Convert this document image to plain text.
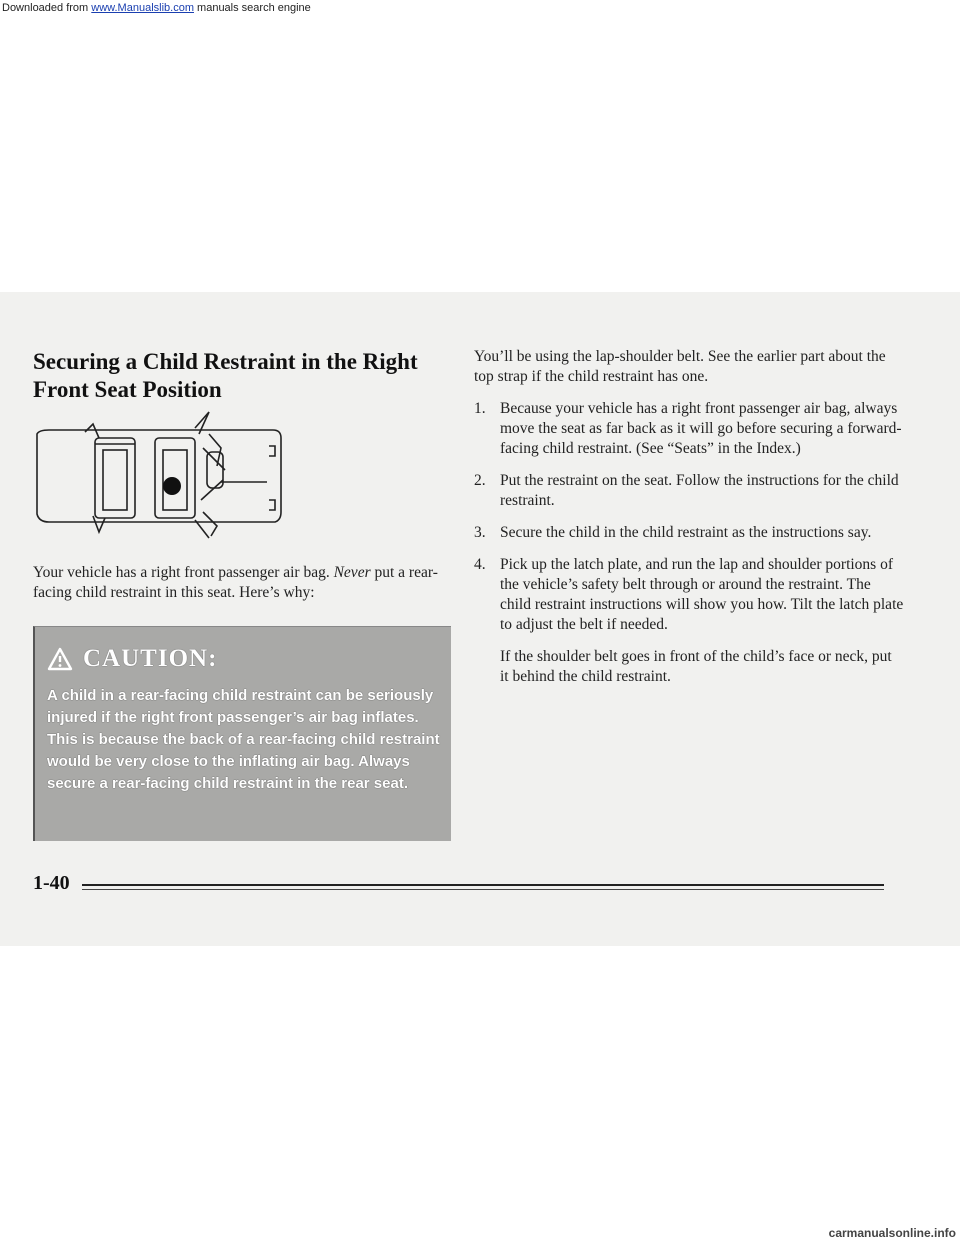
Downloaded from www.Manualslib.com manuals search engine
Securing a Child Restraint in the Right
Front Seat Position
Your vehicle has a right front passenger air bag. Never put a rear-facing child restraint in this seat. Here’s why:
CAUTION:
A child in a rear-facing child restraint can be seriously injured if the right front passenger’s air bag inflates. This is because the back of a rear-facing child restraint would be very close to the inflating air bag. Always secure a rear-facing child restraint in the rear seat.
You’ll be using the lap-shoulder belt. See the earlier part about the top strap if the child restraint has one.
1. Because your vehicle has a right front passenger air bag, always move the seat as far back as it will go before securing a forward-facing child restraint. (See “Seats” in the Index.)
2. Put the restraint on the seat. Follow the instructions for the child restraint.
3. Secure the child in the child restraint as the instructions say.
4. Pick up the latch plate, and run the lap and shoulder portions of the vehicle’s safety belt through or around the restraint. The child restraint instructions will show you how. Tilt the latch plate to adjust the belt if needed.
If the shoulder belt goes in front of the child’s face or neck, put it behind the child restraint.
1-40
carmanualsonline.info
